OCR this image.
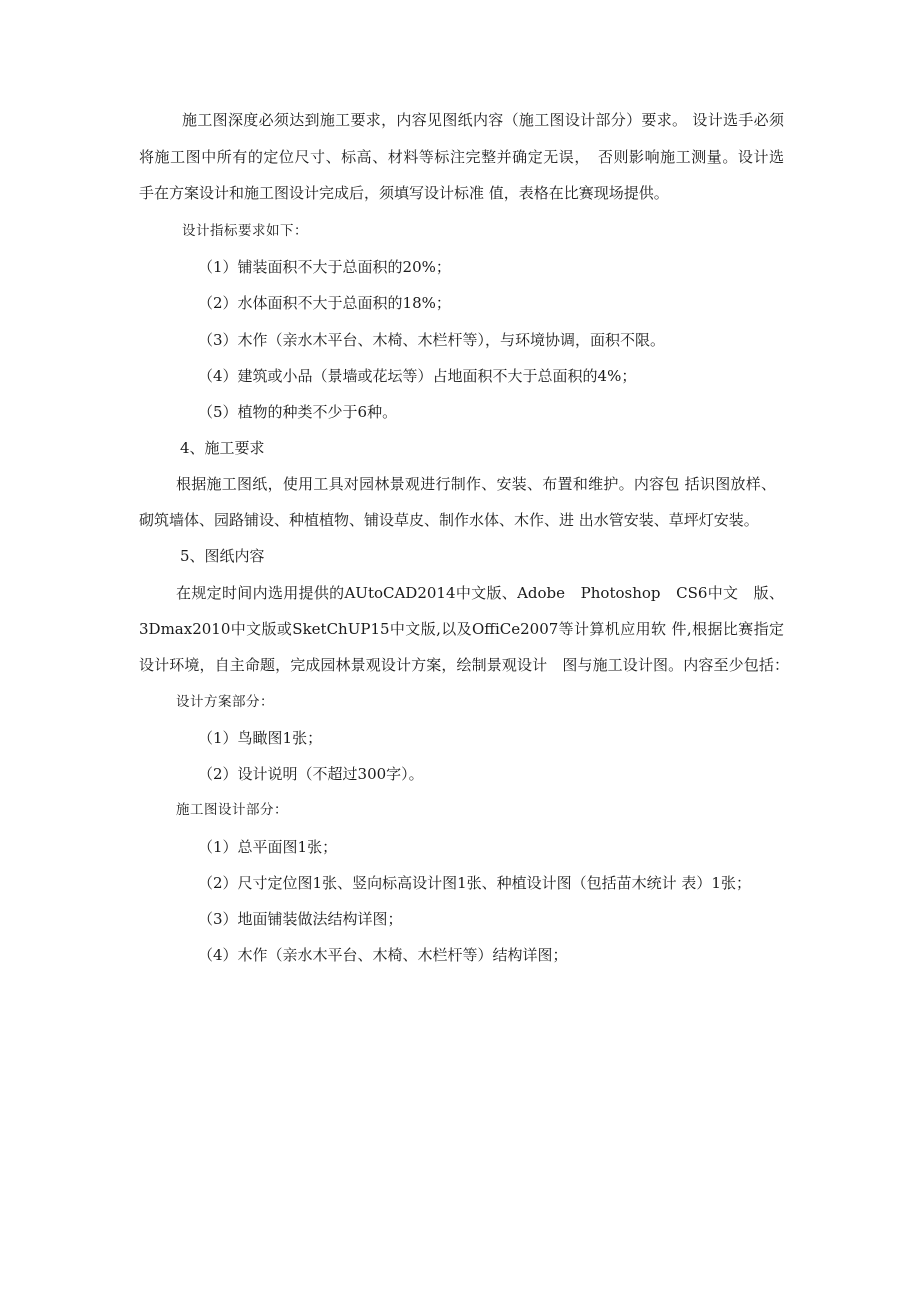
施工图深度必须达到施工要求，内容见图纸内容（施工图设计部分）要求。 设计选手必须
将施工图中所有的定位尺寸、标高、材料等标注完整并确定无误，　否则影响施工测量。设计选
手在方案设计和施工图设计完成后，须填写设计标准 值，表格在比赛现场提供。
设计指标要求如下：
（1）铺装面积不大于总面积的20%；
（2）水体面积不大于总面积的18%；
（3）木作（亲水木平台、木椅、木栏杆等），与环境协调，面积不限。
（4）建筑或小品（景墙或花坛等）占地面积不大于总面积的4%；
（5）植物的种类不少于6种。
4、施工要求
根据施工图纸，使用工具对园林景观进行制作、安装、布置和维护。内容包 括识图放样、
砌筑墙体、园路铺设、种植植物、铺设草皮、制作水体、木作、进 出水管安装、草坪灯安装。
5、图纸内容
在规定时间内选用提供的AUtoCAD2014中文版、Adobe　Photoshop　CS6中文　版、
3Dmax2010中文版或SketChUP15中文版,以及OffiCe2007等计算机应用软 件,根据比赛指定
设计环境，自主命题，完成园林景观设计方案，绘制景观设计　图与施工设计图。内容至少包括：
设计方案部分：
（1）鸟瞰图1张；
（2）设计说明（不超过300字）。
施工图设计部分：
（1）总平面图1张；
（2）尺寸定位图1张、竖向标高设计图1张、种植设计图（包括苗木统计 表）1张；
（3）地面铺装做法结构详图；
（4）木作（亲水木平台、木椅、木栏杆等）结构详图；
